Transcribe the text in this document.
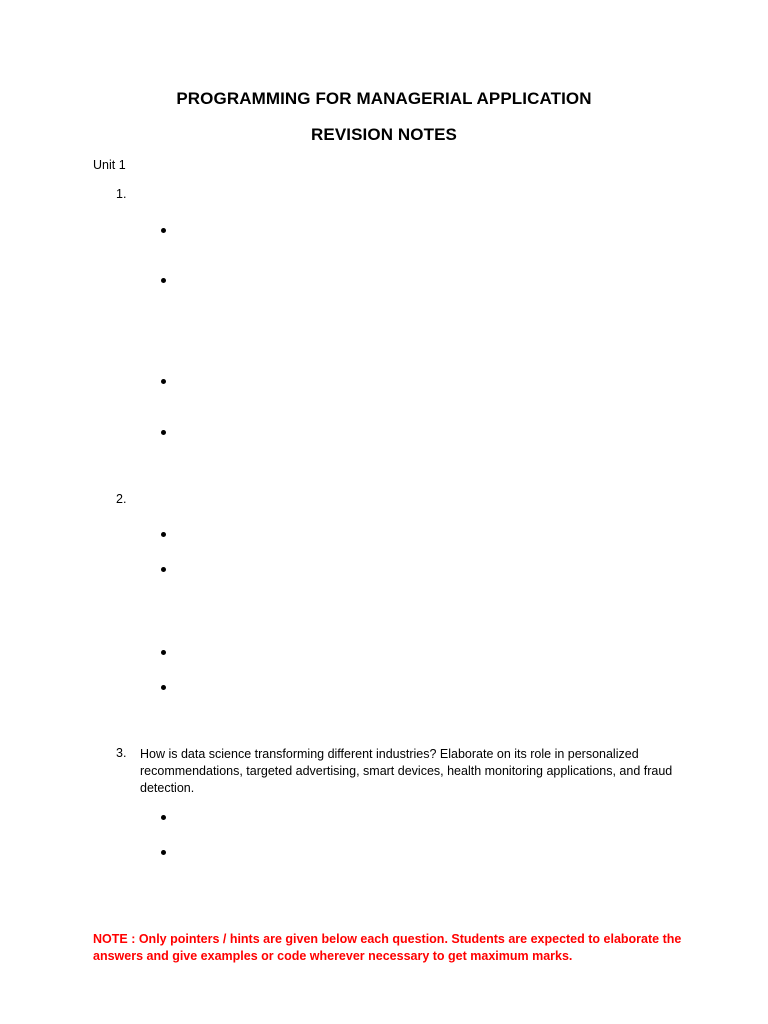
PROGRAMMING FOR MANAGERIAL APPLICATION
REVISION NOTES
Unit 1
1.
2.
3. How is data science transforming different industries? Elaborate on its role in personalized recommendations, targeted advertising, smart devices, health monitoring applications, and fraud detection.
NOTE : Only pointers / hints are given below each question. Students are expected to elaborate the answers and give examples or code wherever necessary to get maximum marks.
